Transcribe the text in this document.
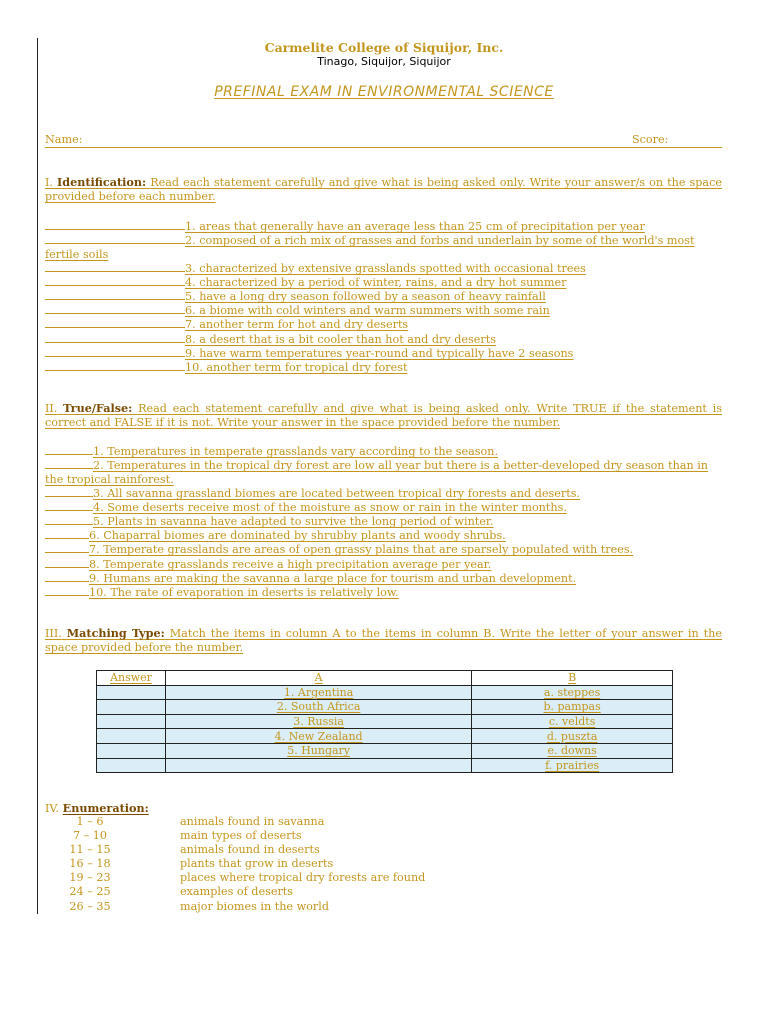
Carmelite College of Siquijor, Inc.
Tinago, Siquijor, Siquijor
PREFINAL EXAM IN ENVIRONMENTAL SCIENCE
Name:	Score:
I. Identification: Read each statement carefully and give what is being asked only. Write your answer/s on the space provided before each number.
1. areas that generally have an average less than 25 cm of precipitation per year
2. composed of a rich mix of grasses and forbs and underlain by some of the world's most fertile soils
3. characterized by extensive grasslands spotted with occasional trees
4. characterized by a period of winter, rains, and a dry hot summer
5. have a long dry season followed by a season of heavy rainfall
6. a biome with cold winters and warm summers with some rain
7. another term for hot and dry deserts
8. a desert that is a bit cooler than hot and dry deserts
9. have warm temperatures year-round and typically have 2 seasons
10. another term for tropical dry forest
II. True/False: Read each statement carefully and give what is being asked only. Write TRUE if the statement is correct and FALSE if it is not. Write your answer in the space provided before the number.
1. Temperatures in temperate grasslands vary according to the season.
2. Temperatures in the tropical dry forest are low all year but there is a better-developed dry season than in the tropical rainforest.
3. All savanna grassland biomes are located between tropical dry forests and deserts.
4. Some deserts receive most of the moisture as snow or rain in the winter months.
5. Plants in savanna have adapted to survive the long period of winter.
6. Chaparral biomes are dominated by shrubby plants and woody shrubs.
7. Temperate grasslands are areas of open grassy plains that are sparsely populated with trees.
8. Temperate grasslands receive a high precipitation average per year.
9. Humans are making the savanna a large place for tourism and urban development.
10. The rate of evaporation in deserts is relatively low.
III. Matching Type: Match the items in column A to the items in column B. Write the letter of your answer in the space provided before the number.
Answer	A	B
	1. Argentina	a. steppes
	2. South Africa	b. pampas
	3. Russia	c. veldts
	4. New Zealand	d. puszta
	5. Hungary	e. downs
		f. prairies
IV. Enumeration:
1 – 6	animals found in savanna
7 – 10	main types of deserts
11 – 15	animals found in deserts
16 – 18	plants that grow in deserts
19 – 23	places where tropical dry forests are found
24 – 25	examples of deserts
26 – 35	major biomes in the world
